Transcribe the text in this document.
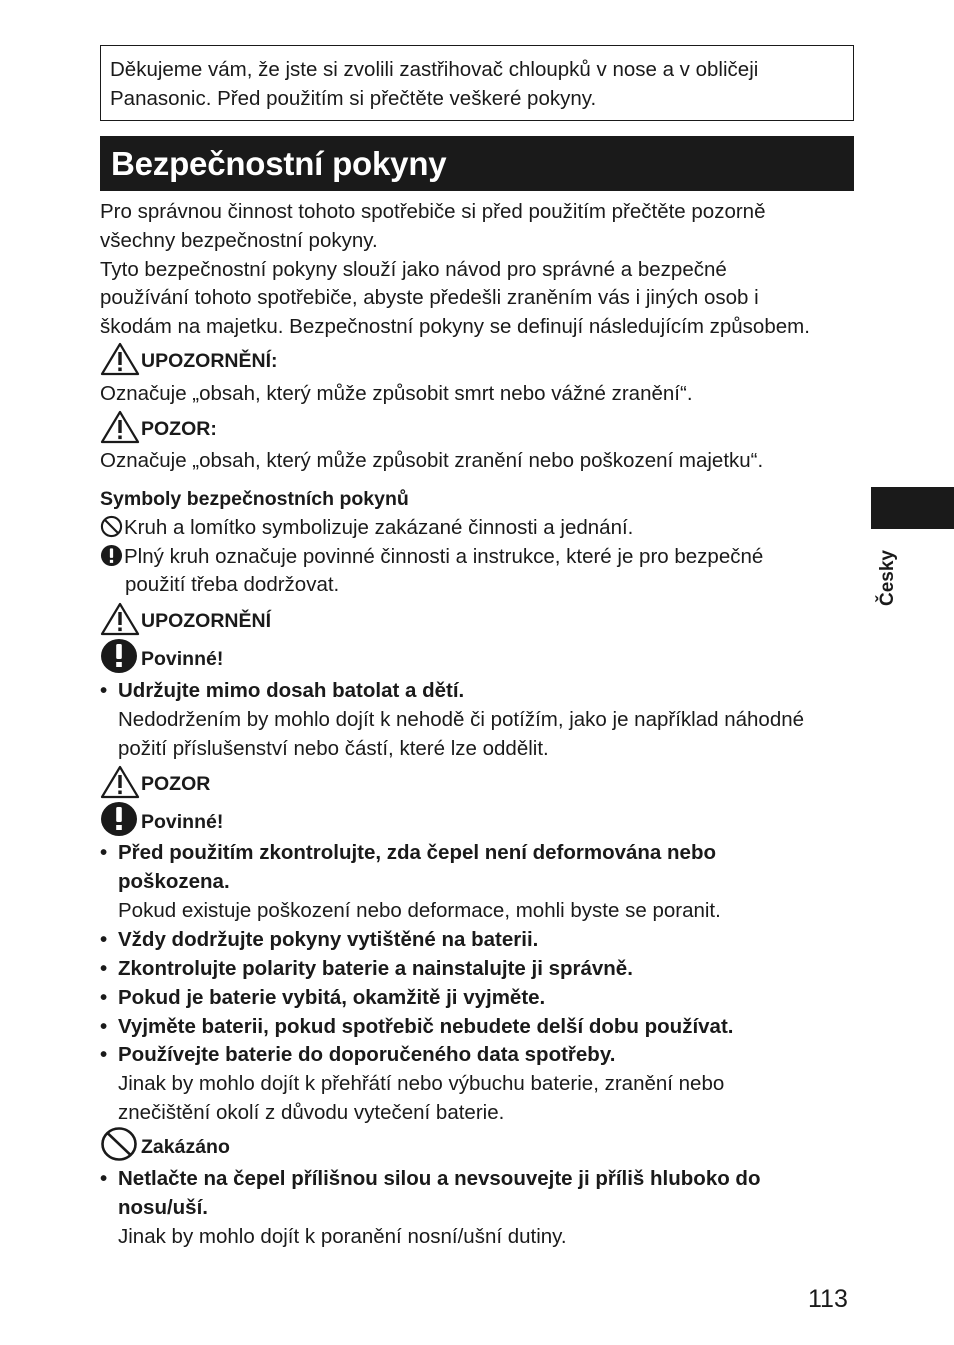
Děkujeme vám, že jste si zvolili zastřihovač chloupků v nose a v obličeji
Panasonic. Před použitím si přečtěte veškeré pokyny.
Bezpečnostní pokyny
Pro správnou činnost tohoto spotřebiče si před použitím přečtěte pozorně
všechny bezpečnostní pokyny.
Tyto bezpečnostní pokyny slouží jako návod pro správné a bezpečné
používání tohoto spotřebiče, abyste předešli zraněním vás i jiných osob i
škodám na majetku. Bezpečnostní pokyny se definují následujícím způsobem.
UPOZORNĚNÍ:
Označuje „obsah, který může způsobit smrt nebo vážné zranění“.
POZOR:
Označuje „obsah, který může způsobit zranění nebo poškození majetku“.
Symboly bezpečnostních pokynů
Kruh a lomítko symbolizuje zakázané činnosti a jednání.
Plný kruh označuje povinné činnosti a instrukce, které je pro bezpečné
použití třeba dodržovat.
UPOZORNĚNÍ
Povinné!
• Udržujte mimo dosah batolat a dětí.
Nedodržením by mohlo dojít k nehodě či potížím, jako je například náhodné
požití příslušenství nebo částí, které lze oddělit.
POZOR
Povinné!
• Před použitím zkontrolujte, zda čepel není deformována nebo
poškozena.
Pokud existuje poškození nebo deformace, mohli byste se poranit.
• Vždy dodržujte pokyny vytištěné na baterii.
• Zkontrolujte polarity baterie a nainstalujte ji správně.
• Pokud je baterie vybitá, okamžitě ji vyjměte.
• Vyjměte baterii, pokud spotřebič nebudete delší dobu používat.
• Používejte baterie do doporučeného data spotřeby.
Jinak by mohlo dojít k přehřátí nebo výbuchu baterie, zranění nebo
znečištění okolí z důvodu vytečení baterie.
Zakázáno
• Netlačte na čepel přílišnou silou a nevsouvejte ji příliš hluboko do
nosu/uší.
Jinak by mohlo dojít k poranění nosní/ušní dutiny.
Česky
113
